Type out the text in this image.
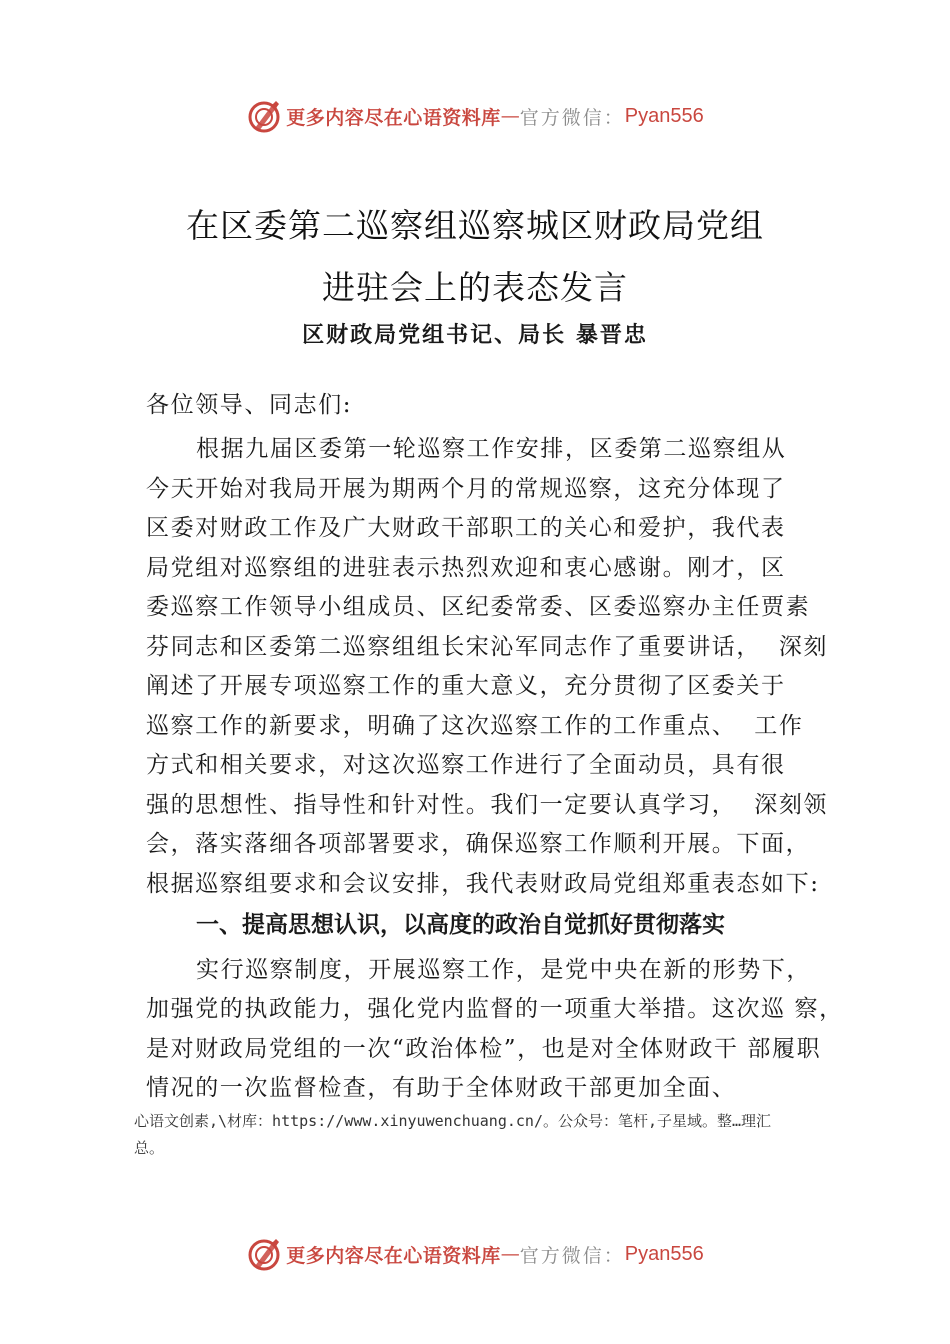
更多内容尽在心语资料库 — 官方微信： Pyan556
在区委第二巡察组巡察城区财政局党组
进驻会上的表态发言
区财政局党组书记、局长 暴晋忠
各位领导、同志们:
根据九届区委第一轮巡察工作安排，区委第二巡察组从
今天开始对我局开展为期两个月的常规巡察，这充分体现了
区委对财政工作及广大财政干部职工的关心和爱护，我代表
局党组对巡察组的进驻表示热烈欢迎和衷心感谢。刚才，区
委巡察工作领导小组成员、区纪委常委、区委巡察办主任贾素
芬同志和区委第二巡察组组长宋沁军同志作了重要讲话，  深刻
阐述了开展专项巡察工作的重大意义，充分贯彻了区委关于
巡察工作的新要求，明确了这次巡察工作的工作重点、  工作
方式和相关要求，对这次巡察工作进行了全面动员，具有很
强的思想性、指导性和针对性。我们一定要认真学习，  深刻领
会，落实落细各项部署要求，确保巡察工作顺利开展。下面，
根据巡察组要求和会议安排，我代表财政局党组郑重表态如下:
一、提高思想认识，以高度的政治自觉抓好贯彻落实
实行巡察制度，开展巡察工作，是党中央在新的形势下，
加强党的执政能力，强化党内监督的一项重大举措。这次巡 察，
是对财政局党组的一次“政治体检”，也是对全体财政干 部履职
情况的一次监督检查，有助于全体财政干部更加全面、
心语文创素,\材库：https://www.xinyuwenchuang.cn/。公众号：笔杆,子星域。整…理汇
总。
更多内容尽在心语资料库 — 官方微信： Pyan556
